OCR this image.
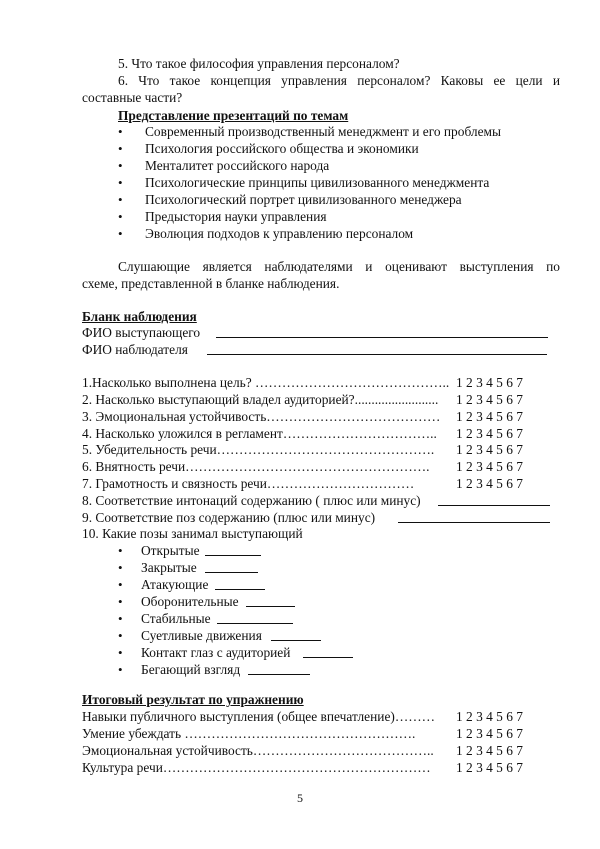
5. Что такое философия управления персоналом?
6. Что такое концепция управления персоналом? Каковы ее цели и
составные части?
Представление презентаций по темам
• Современный производственный менеджмент и его проблемы
• Психология российского общества и экономики
• Менталитет российского народа
• Психологические принципы цивилизованного менеджмента
• Психологический портрет цивилизованного менеджера
• Предыстория науки управления
• Эволюция подходов к управлению персоналом
Слушающие является наблюдателями и оценивают выступления по
схеме, представленной в бланке наблюдения.
Бланк наблюдения
ФИО выступающего
ФИО наблюдателя
1.Насколько выполнена цель? …………………………………….. 1 2 3 4 5 6 7
2. Насколько выступающий владел аудиторией?......................... 1 2 3 4 5 6 7
3. Эмоциональная устойчивость………………………………… 1 2 3 4 5 6 7
4. Насколько уложился в регламент…………………………….. 1 2 3 4 5 6 7
5. Убедительность речи…………………………………………. 1 2 3 4 5 6 7
6. Внятность речи………………………………………………. 1 2 3 4 5 6 7
7. Грамотность и связность речи……………………………	1 2 3 4 5 6 7
8. Соответствие интонаций содержанию ( плюс или минус)
9. Соответствие поз содержанию (плюс или минус)
10. Какие позы занимал выступающий
• Открытые
• Закрытые
• Атакующие
• Оборонительные
• Стабильные
• Суетливые движения
• Контакт глаз с аудиторией
• Бегающий взгляд
Итоговый результат по упражнению
Навыки публичного выступления (общее впечатление)……… 1 2 3 4 5 6 7
Умение убеждать …………………………………………….	1 2 3 4 5 6 7
Эмоциональная устойчивость………………………………….. 1 2 3 4 5 6 7
Культура речи…………………………………………………… 1 2 3 4 5 6 7
5
